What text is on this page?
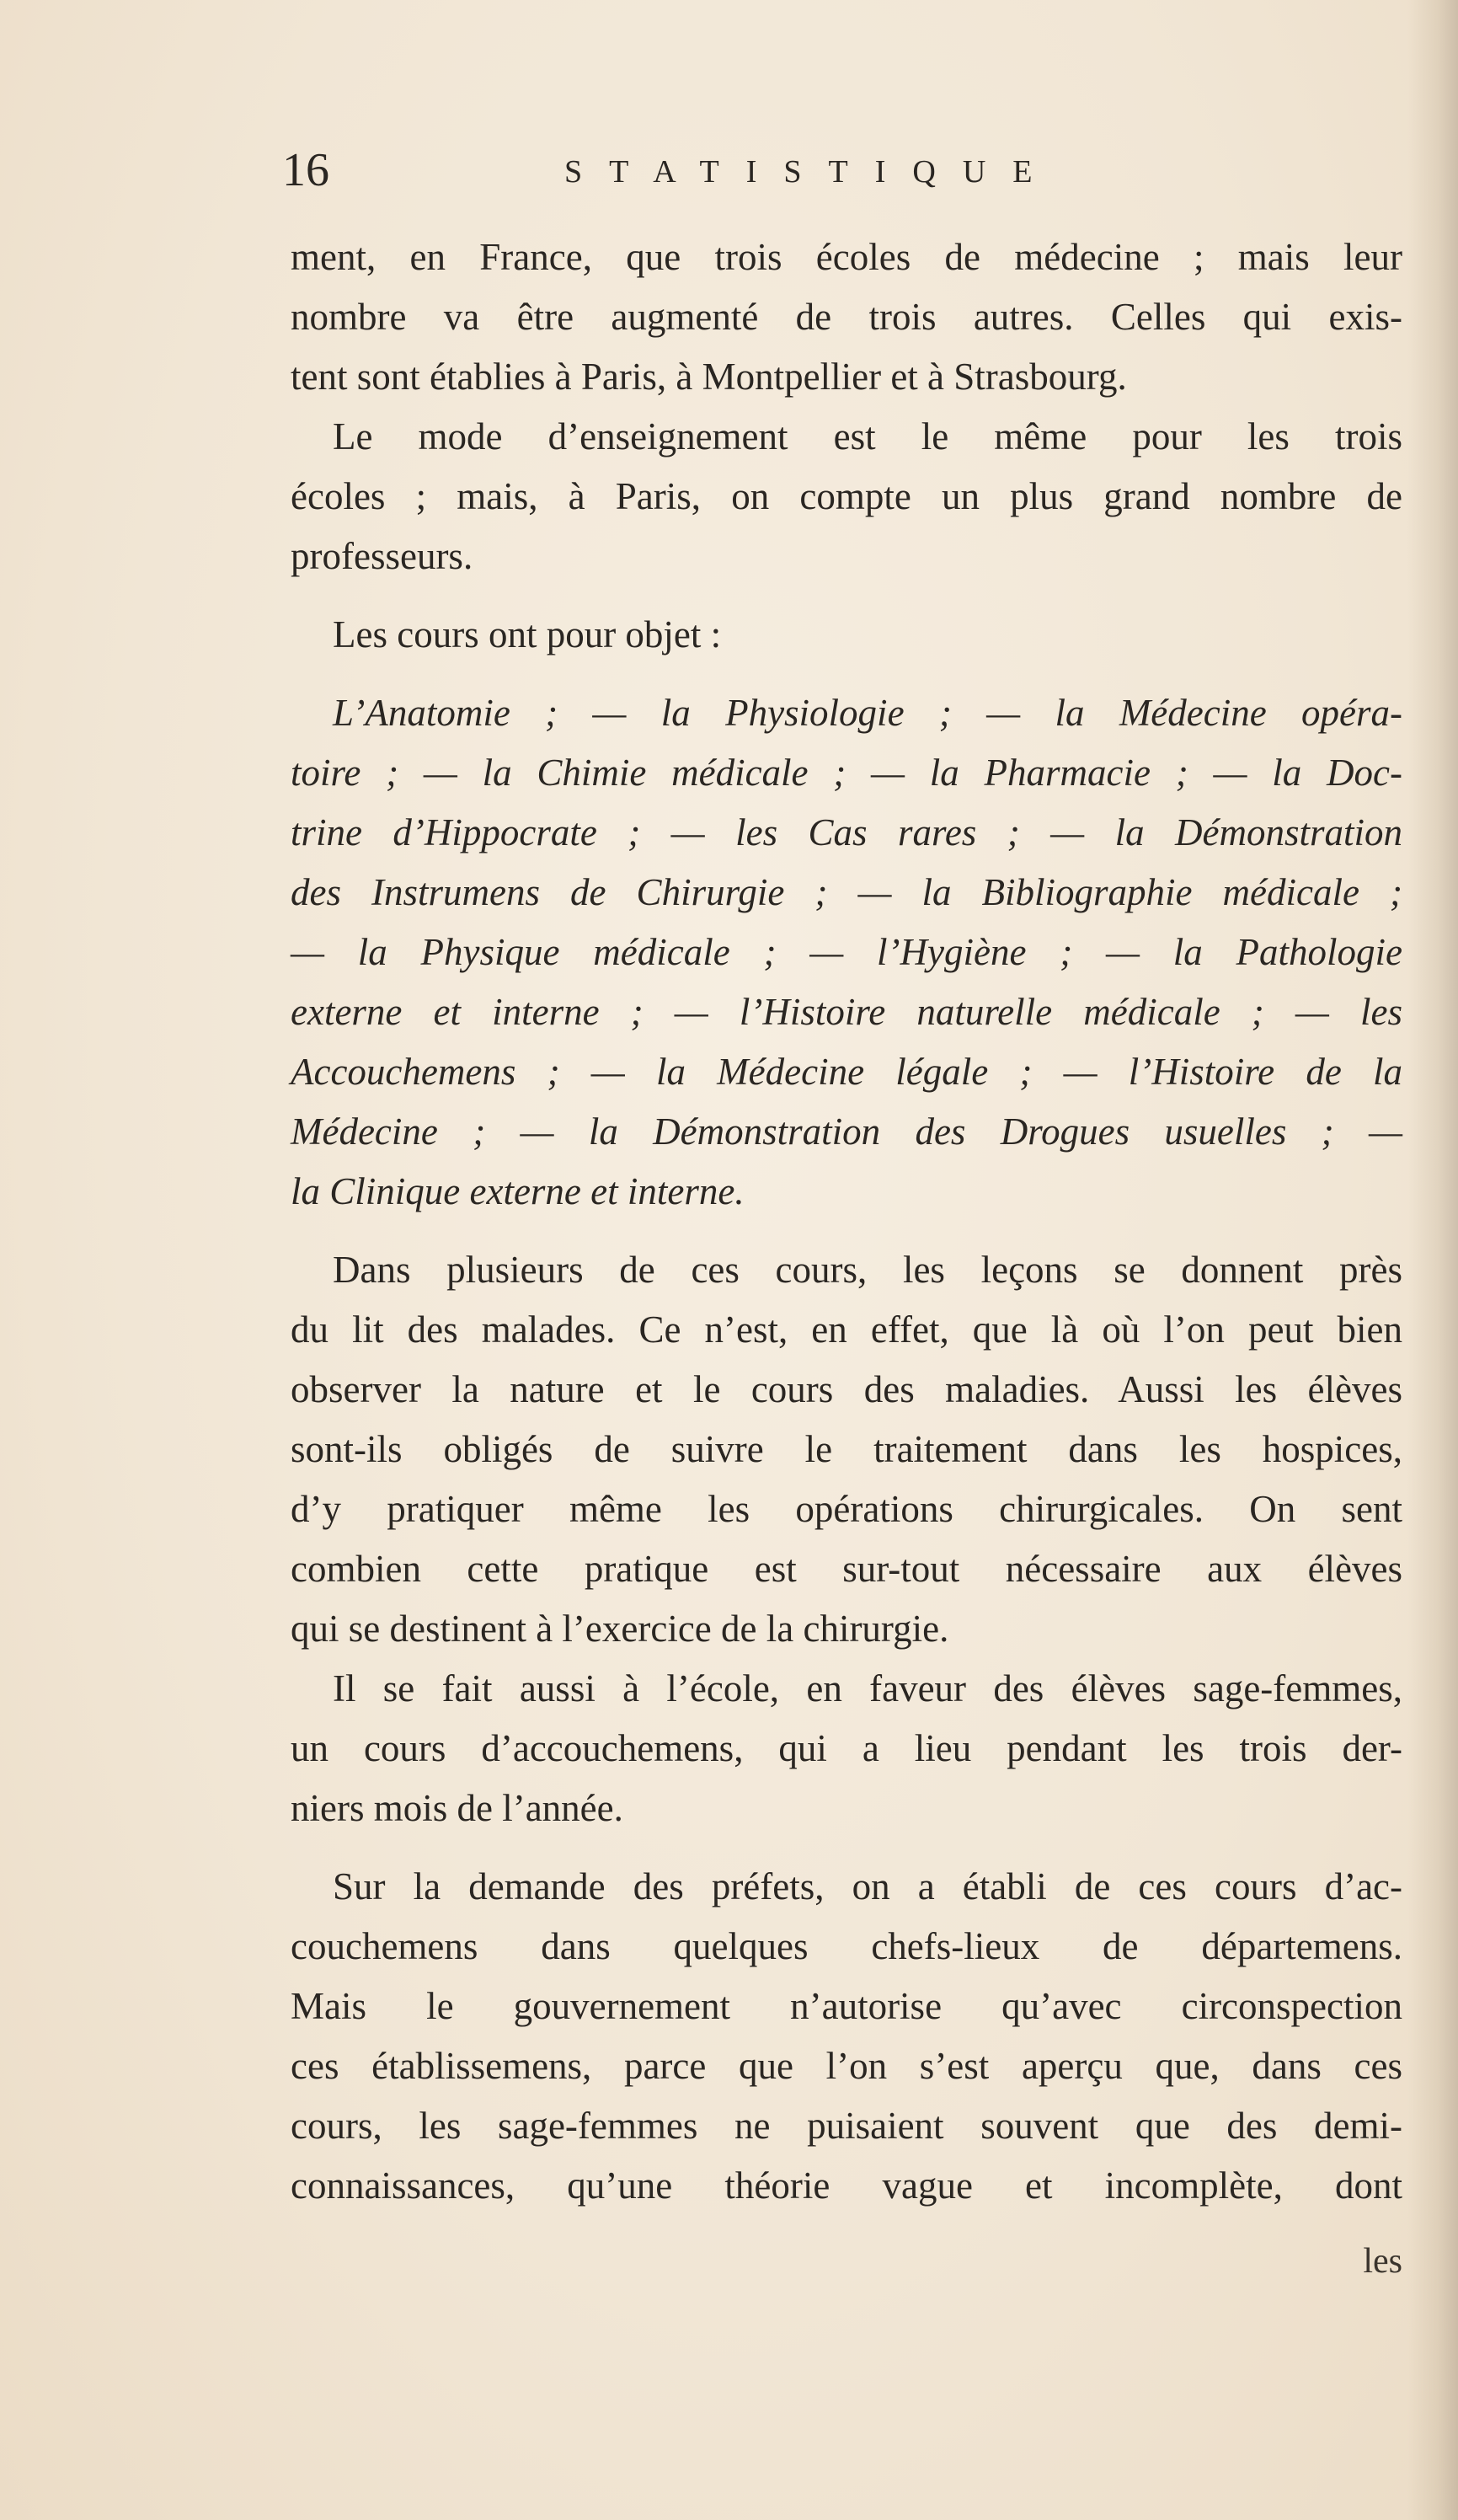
16	STATISTIQUE
ment, en France, que trois écoles de médecine ; mais leur
nombre va être augmenté de trois autres. Celles qui exis-
tent sont établies à Paris, à Montpellier et à Strasbourg.
Le mode d’enseignement est le même pour les trois
écoles ; mais, à Paris, on compte un plus grand nombre de
professeurs.
Les cours ont pour objet :
L’Anatomie ; — la Physiologie ; — la Médecine opéra-
toire ; — la Chimie médicale ; — la Pharmacie ; — la Doc-
trine d’Hippocrate ; — les Cas rares ; — la Démonstration
des Instrumens de Chirurgie ; — la Bibliographie médicale ;
— la Physique médicale ; — l’Hygiène ; — la Pathologie
externe et interne ; — l’Histoire naturelle médicale ; — les
Accouchemens ; — la Médecine légale ; — l’Histoire de la
Médecine ; — la Démonstration des Drogues usuelles ; —
la Clinique externe et interne.
Dans plusieurs de ces cours, les leçons se donnent près
du lit des malades. Ce n’est, en effet, que là où l’on peut bien
observer la nature et le cours des maladies. Aussi les élèves
sont-ils obligés de suivre le traitement dans les hospices,
d’y pratiquer même les opérations chirurgicales. On sent
combien cette pratique est sur-tout nécessaire aux élèves
qui se destinent à l’exercice de la chirurgie.
Il se fait aussi à l’école, en faveur des élèves sage-femmes,
un cours d’accouchemens, qui a lieu pendant les trois der-
niers mois de l’année.
Sur la demande des préfets, on a établi de ces cours d’ac-
couchemens dans quelques chefs-lieux de départemens.
Mais le gouvernement n’autorise qu’avec circonspection
ces établissemens, parce que l’on s’est aperçu que, dans ces
cours, les sage-femmes ne puisaient souvent que des demi-
connaissances, qu’une théorie vague et incomplète, dont
les
